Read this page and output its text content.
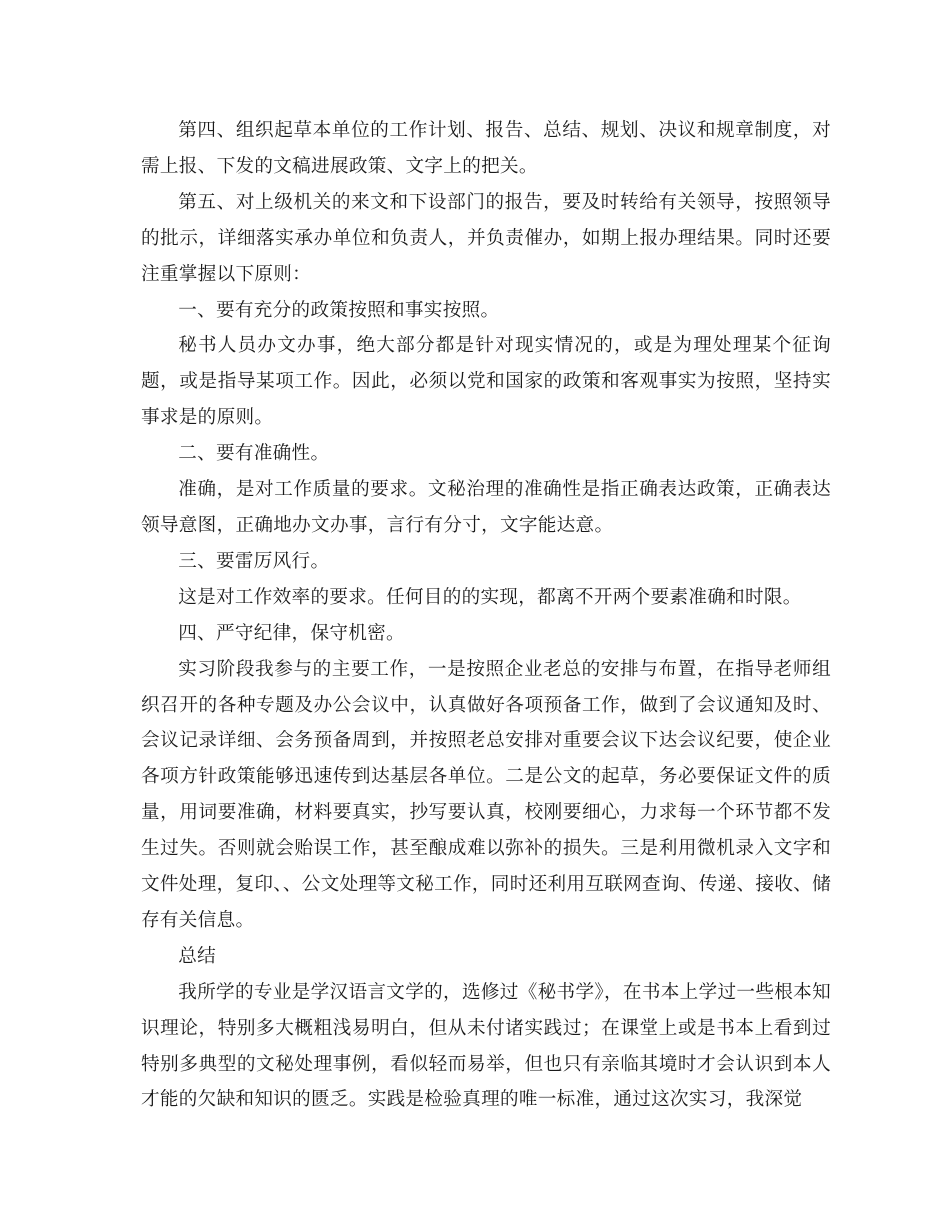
第四、组织起草本单位的工作计划、报告、总结、规划、决议和规章制度，对需上报、下发的文稿进展政策、文字上的把关。

第五、对上级机关的来文和下设部门的报告，要及时转给有关领导，按照领导的批示，详细落实承办单位和负责人，并负责催办，如期上报办理结果。同时还要注重掌握以下原则：

一、要有充分的政策按照和事实按照。

秘书人员办文办事，绝大部分都是针对现实情况的，或是为理处理某个征询题，或是指导某项工作。因此，必须以党和国家的政策和客观事实为按照，坚持实事求是的原则。

二、要有准确性。

准确，是对工作质量的要求。文秘治理的准确性是指正确表达政策，正确表达领导意图，正确地办文办事，言行有分寸，文字能达意。

三、要雷厉风行。

这是对工作效率的要求。任何目的的实现，都离不开两个要素准确和时限。

四、严守纪律，保守机密。

实习阶段我参与的主要工作，一是按照企业老总的安排与布置，在指导老师组织召开的各种专题及办公会议中，认真做好各项预备工作，做到了会议通知及时、会议记录详细、会务预备周到，并按照老总安排对重要会议下达会议纪要，使企业各项方针政策能够迅速传到达基层各单位。二是公文的起草，务必要保证文件的质量，用词要准确，材料要真实，抄写要认真，校刚要细心，力求每一个环节都不发生过失。否则就会贻误工作，甚至酿成难以弥补的损失。三是利用微机录入文字和文件处理，复印、、公文处理等文秘工作，同时还利用互联网查询、传递、接收、储存有关信息。

总结

我所学的专业是学汉语言文学的，选修过《秘书学》，在书本上学过一些根本知识理论，特别多大概粗浅易明白，但从未付诸实践过；在课堂上或是书本上看到过特别多典型的文秘处理事例，看似轻而易举，但也只有亲临其境时才会认识到本人才能的欠缺和知识的匮乏。实践是检验真理的唯一标准，通过这次实习，我深觉
